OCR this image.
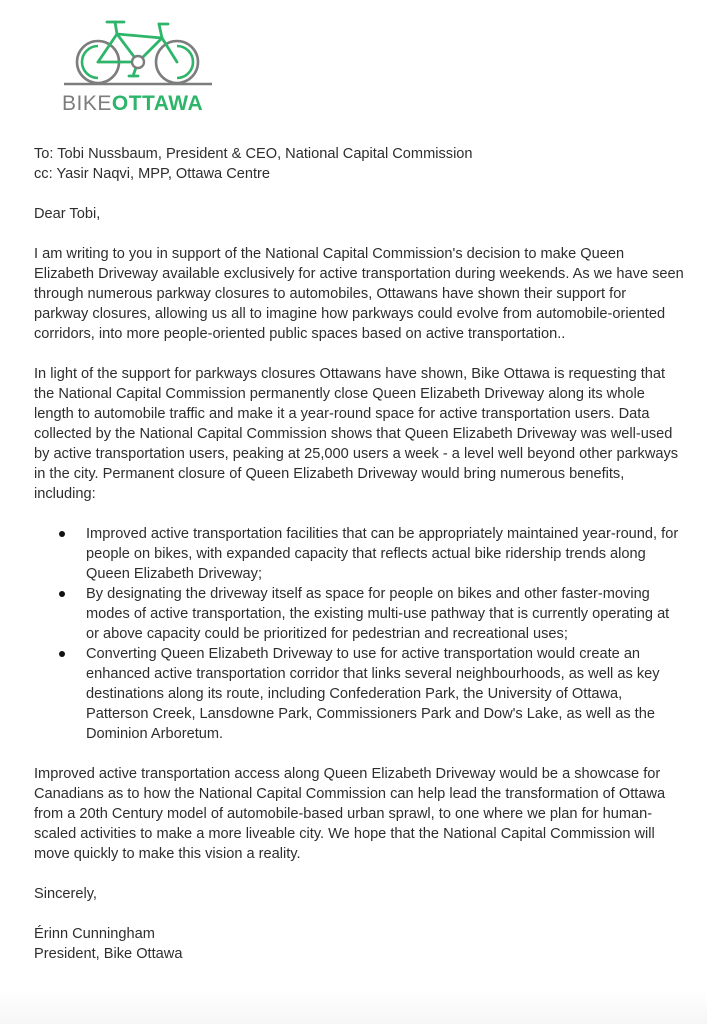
BIKEOTTAWA
To: Tobi Nussbaum, President & CEO, National Capital Commission
cc: Yasir Naqvi, MPP, Ottawa Centre

Dear Tobi,

I am writing to you in support of the National Capital Commission's decision to make Queen Elizabeth Driveway available exclusively for active transportation during weekends. As we have seen through numerous parkway closures to automobiles, Ottawans have shown their support for parkway closures, allowing us all to imagine how parkways could evolve from automobile-oriented corridors, into more people-oriented public spaces based on active transportation..

In light of the support for parkways closures Ottawans have shown, Bike Ottawa is requesting that the National Capital Commission permanently close Queen Elizabeth Driveway along its whole length to automobile traffic and make it a year-round space for active transportation users. Data collected by the National Capital Commission shows that Queen Elizabeth Driveway was well-used by active transportation users, peaking at 25,000 users a week - a level well beyond other parkways in the city. Permanent closure of Queen Elizabeth Driveway would bring numerous benefits, including:

Improved active transportation facilities that can be appropriately maintained year-round, for people on bikes, with expanded capacity that reflects actual bike ridership trends along Queen Elizabeth Driveway;
By designating the driveway itself as space for people on bikes and other faster-moving modes of active transportation, the existing multi-use pathway that is currently operating at or above capacity could be prioritized for pedestrian and recreational uses;
Converting Queen Elizabeth Driveway to use for active transportation would create an enhanced active transportation corridor that links several neighbourhoods, as well as key destinations along its route, including Confederation Park, the University of Ottawa, Patterson Creek, Lansdowne Park, Commissioners Park and Dow's Lake, as well as the Dominion Arboretum.

Improved active transportation access along Queen Elizabeth Driveway would be a showcase for Canadians as to how the National Capital Commission can help lead the transformation of Ottawa from a 20th Century model of automobile-based urban sprawl, to one where we plan for human-scaled activities to make a more liveable city. We hope that the National Capital Commission will move quickly to make this vision a reality.

Sincerely,

Érinn Cunningham

President, Bike Ottawa
